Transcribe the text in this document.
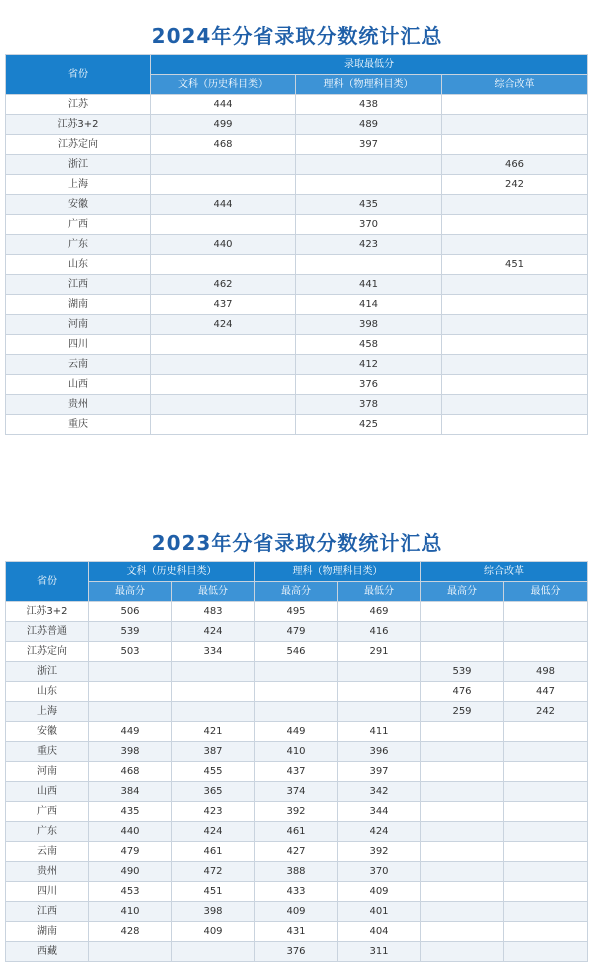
2024年分省录取分数统计汇总
省份	录取最低分		
	文科（历史科目类）	理科（物理科目类）	综合改革
江苏	444	438	
江苏3+2	499	489	
江苏定向	468	397	
浙江			466
上海			242
安徽	444	435	
广西		370	
广东	440	423	
山东			451
江西	462	441	
湖南	437	414	
河南	424	398	
四川		458	
云南		412	
山西		376	
贵州		378	
重庆		425	
2023年分省录取分数统计汇总
省份	文科（历史科目类）		理科（物理科目类）		综合改革	
	最高分	最低分	最高分	最低分	最高分	最低分
江苏3+2	506	483	495	469		
江苏普通	539	424	479	416		
江苏定向	503	334	546	291		
浙江					539	498
山东					476	447
上海					259	242
安徽	449	421	449	411		
重庆	398	387	410	396		
河南	468	455	437	397		
山西	384	365	374	342		
广西	435	423	392	344		
广东	440	424	461	424		
云南	479	461	427	392		
贵州	490	472	388	370		
四川	453	451	433	409		
江西	410	398	409	401		
湖南	428	409	431	404		
西藏			376	311		
